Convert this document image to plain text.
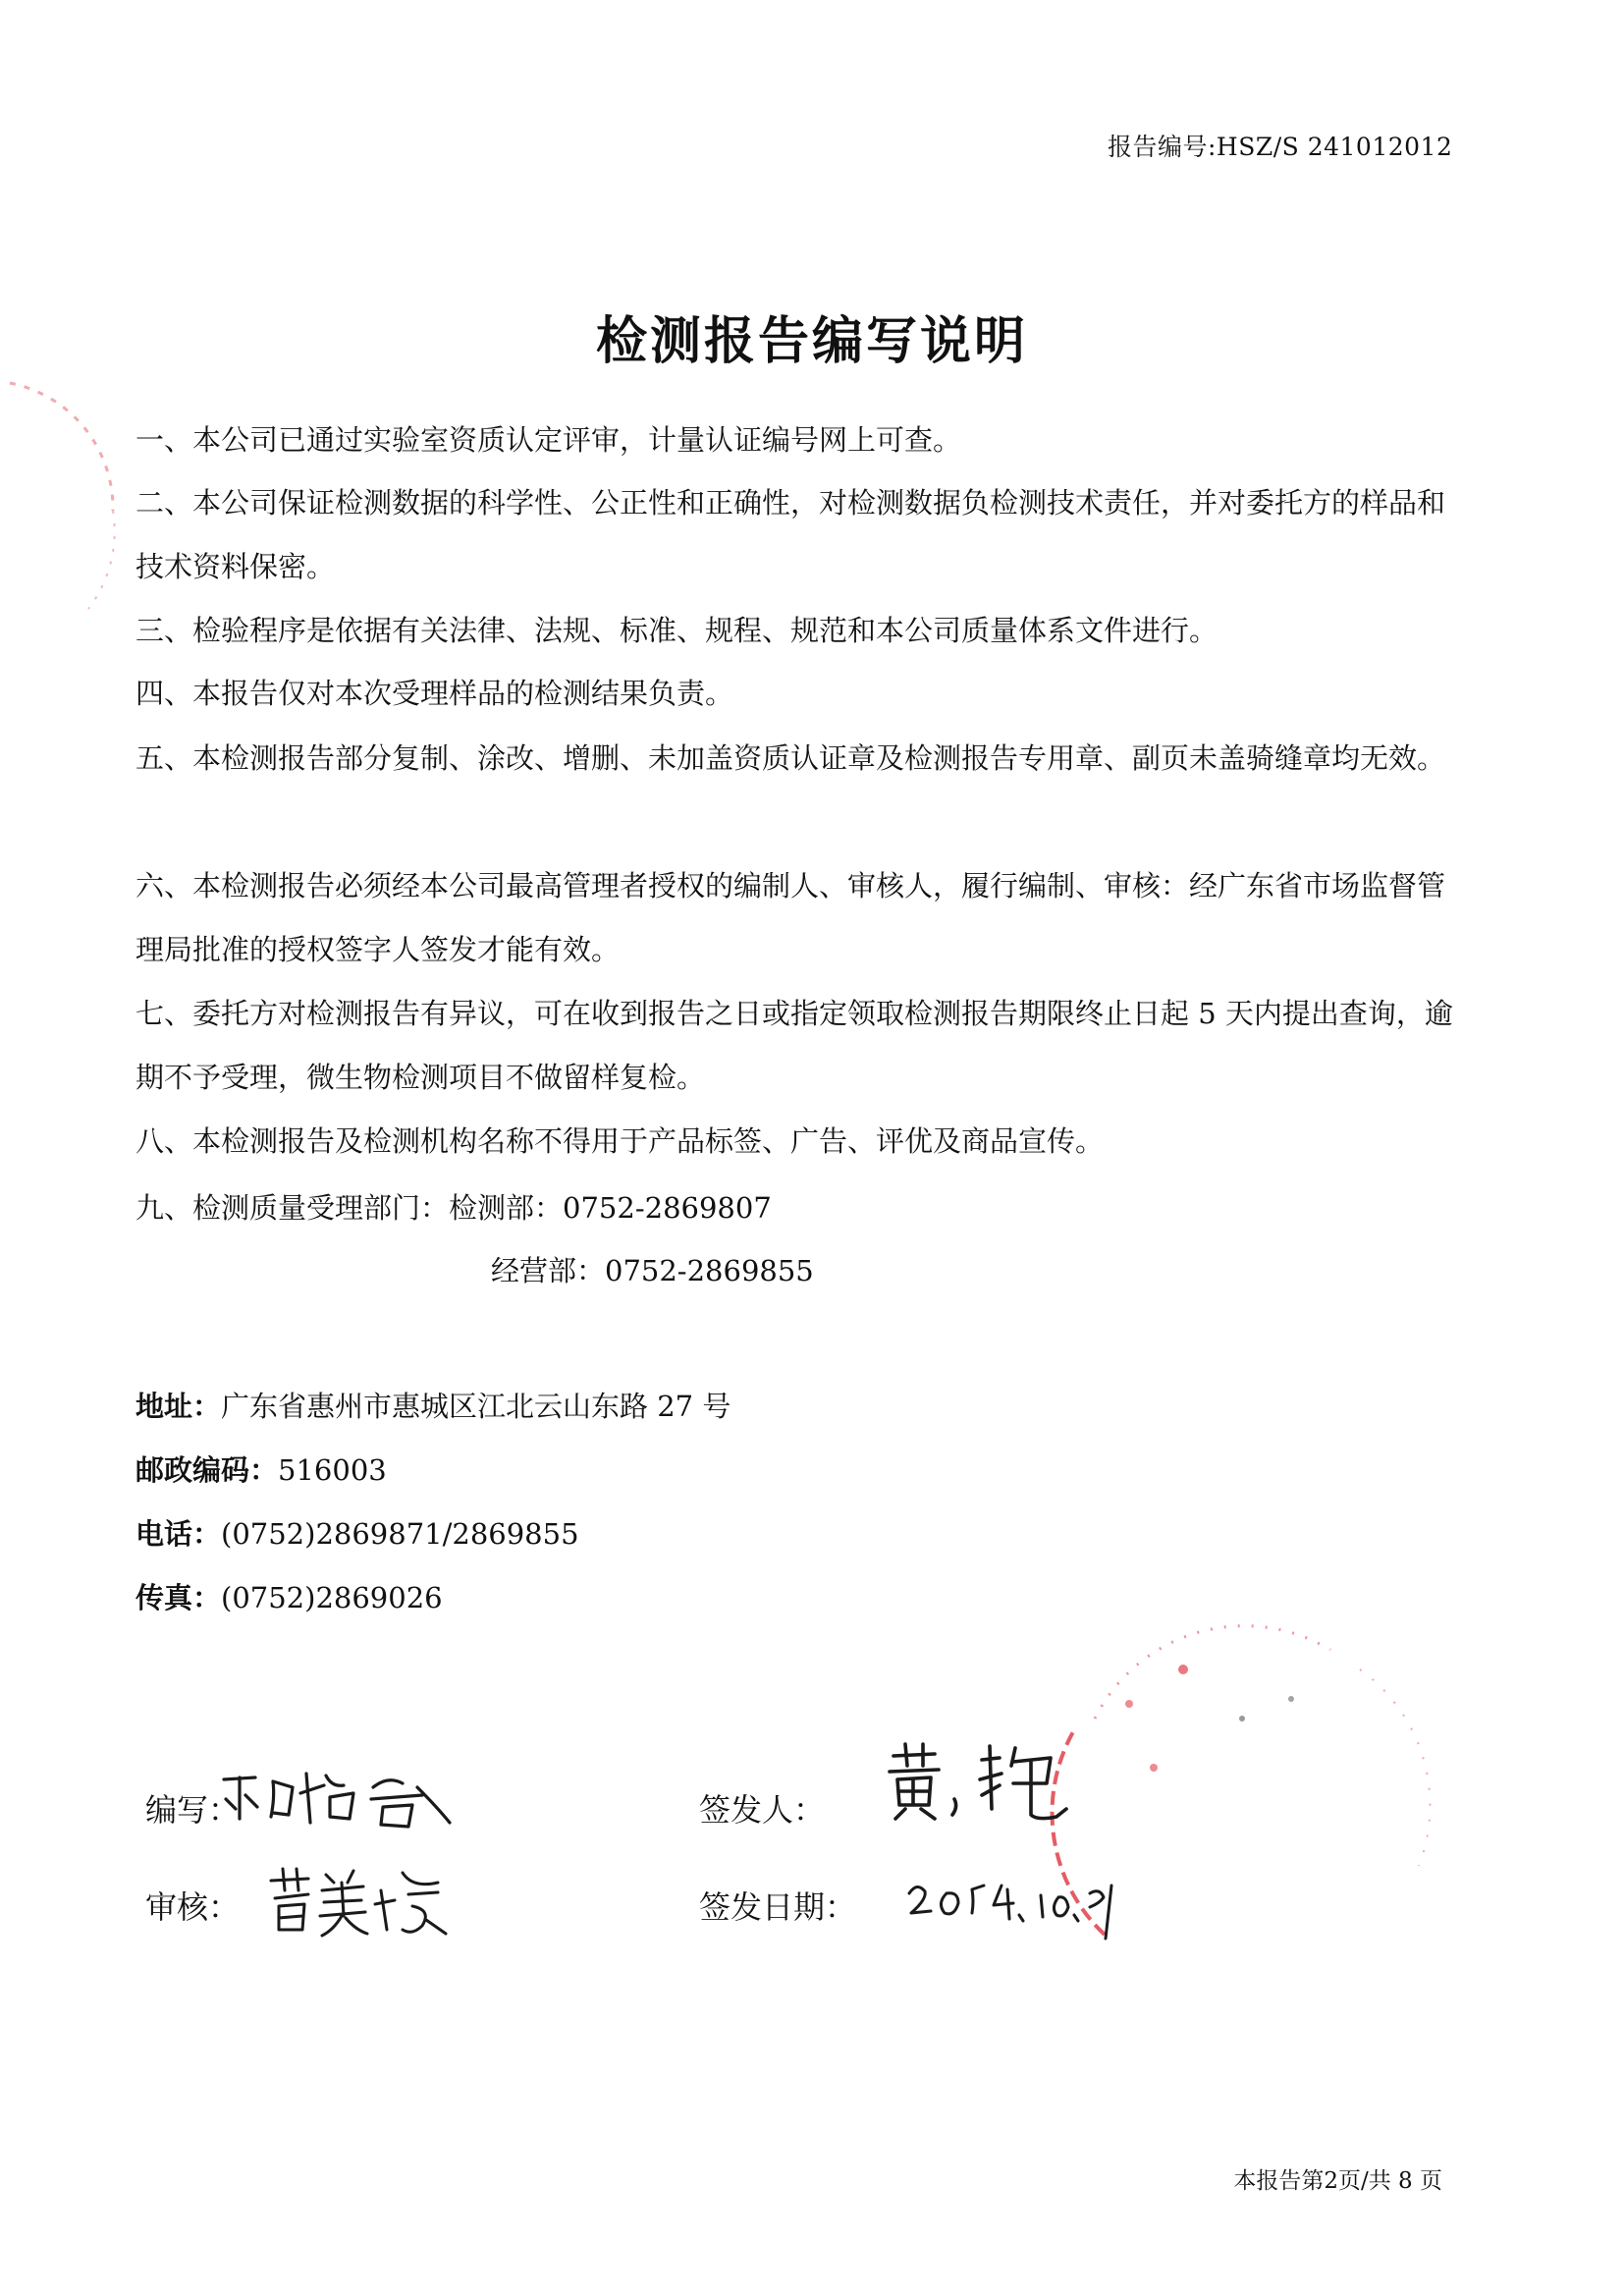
报告编号:HSZ/S 241012012
检测报告编写说明
一、本公司已通过实验室资质认定评审，计量认证编号网上可查。
二、本公司保证检测数据的科学性、公正性和正确性，对检测数据负检测技术责任，并对委托方的样品和技术资料保密。
三、检验程序是依据有关法律、法规、标准、规程、规范和本公司质量体系文件进行。
四、本报告仅对本次受理样品的检测结果负责。
五、本检测报告部分复制、涂改、增删、未加盖资质认证章及检测报告专用章、副页未盖骑缝章均无效。
六、本检测报告必须经本公司最高管理者授权的编制人、审核人，履行编制、审核：经广东省市场监督管理局批准的授权签字人签发才能有效。
七、委托方对检测报告有异议，可在收到报告之日或指定领取检测报告期限终止日起 5 天内提出查询，逾期不予受理，微生物检测项目不做留样复检。
八、本检测报告及检测机构名称不得用于产品标签、广告、评优及商品宣传。
九、检测质量受理部门：检测部：0752-2869807
经营部：0752-2869855
地址：广东省惠州市惠城区江北云山东路 27 号
邮政编码：516003
电话：(0752)2869871/2869855
传真：(0752)2869026
编写：
审核：
签发人：
签发日期：
本报告第2页/共 8 页
